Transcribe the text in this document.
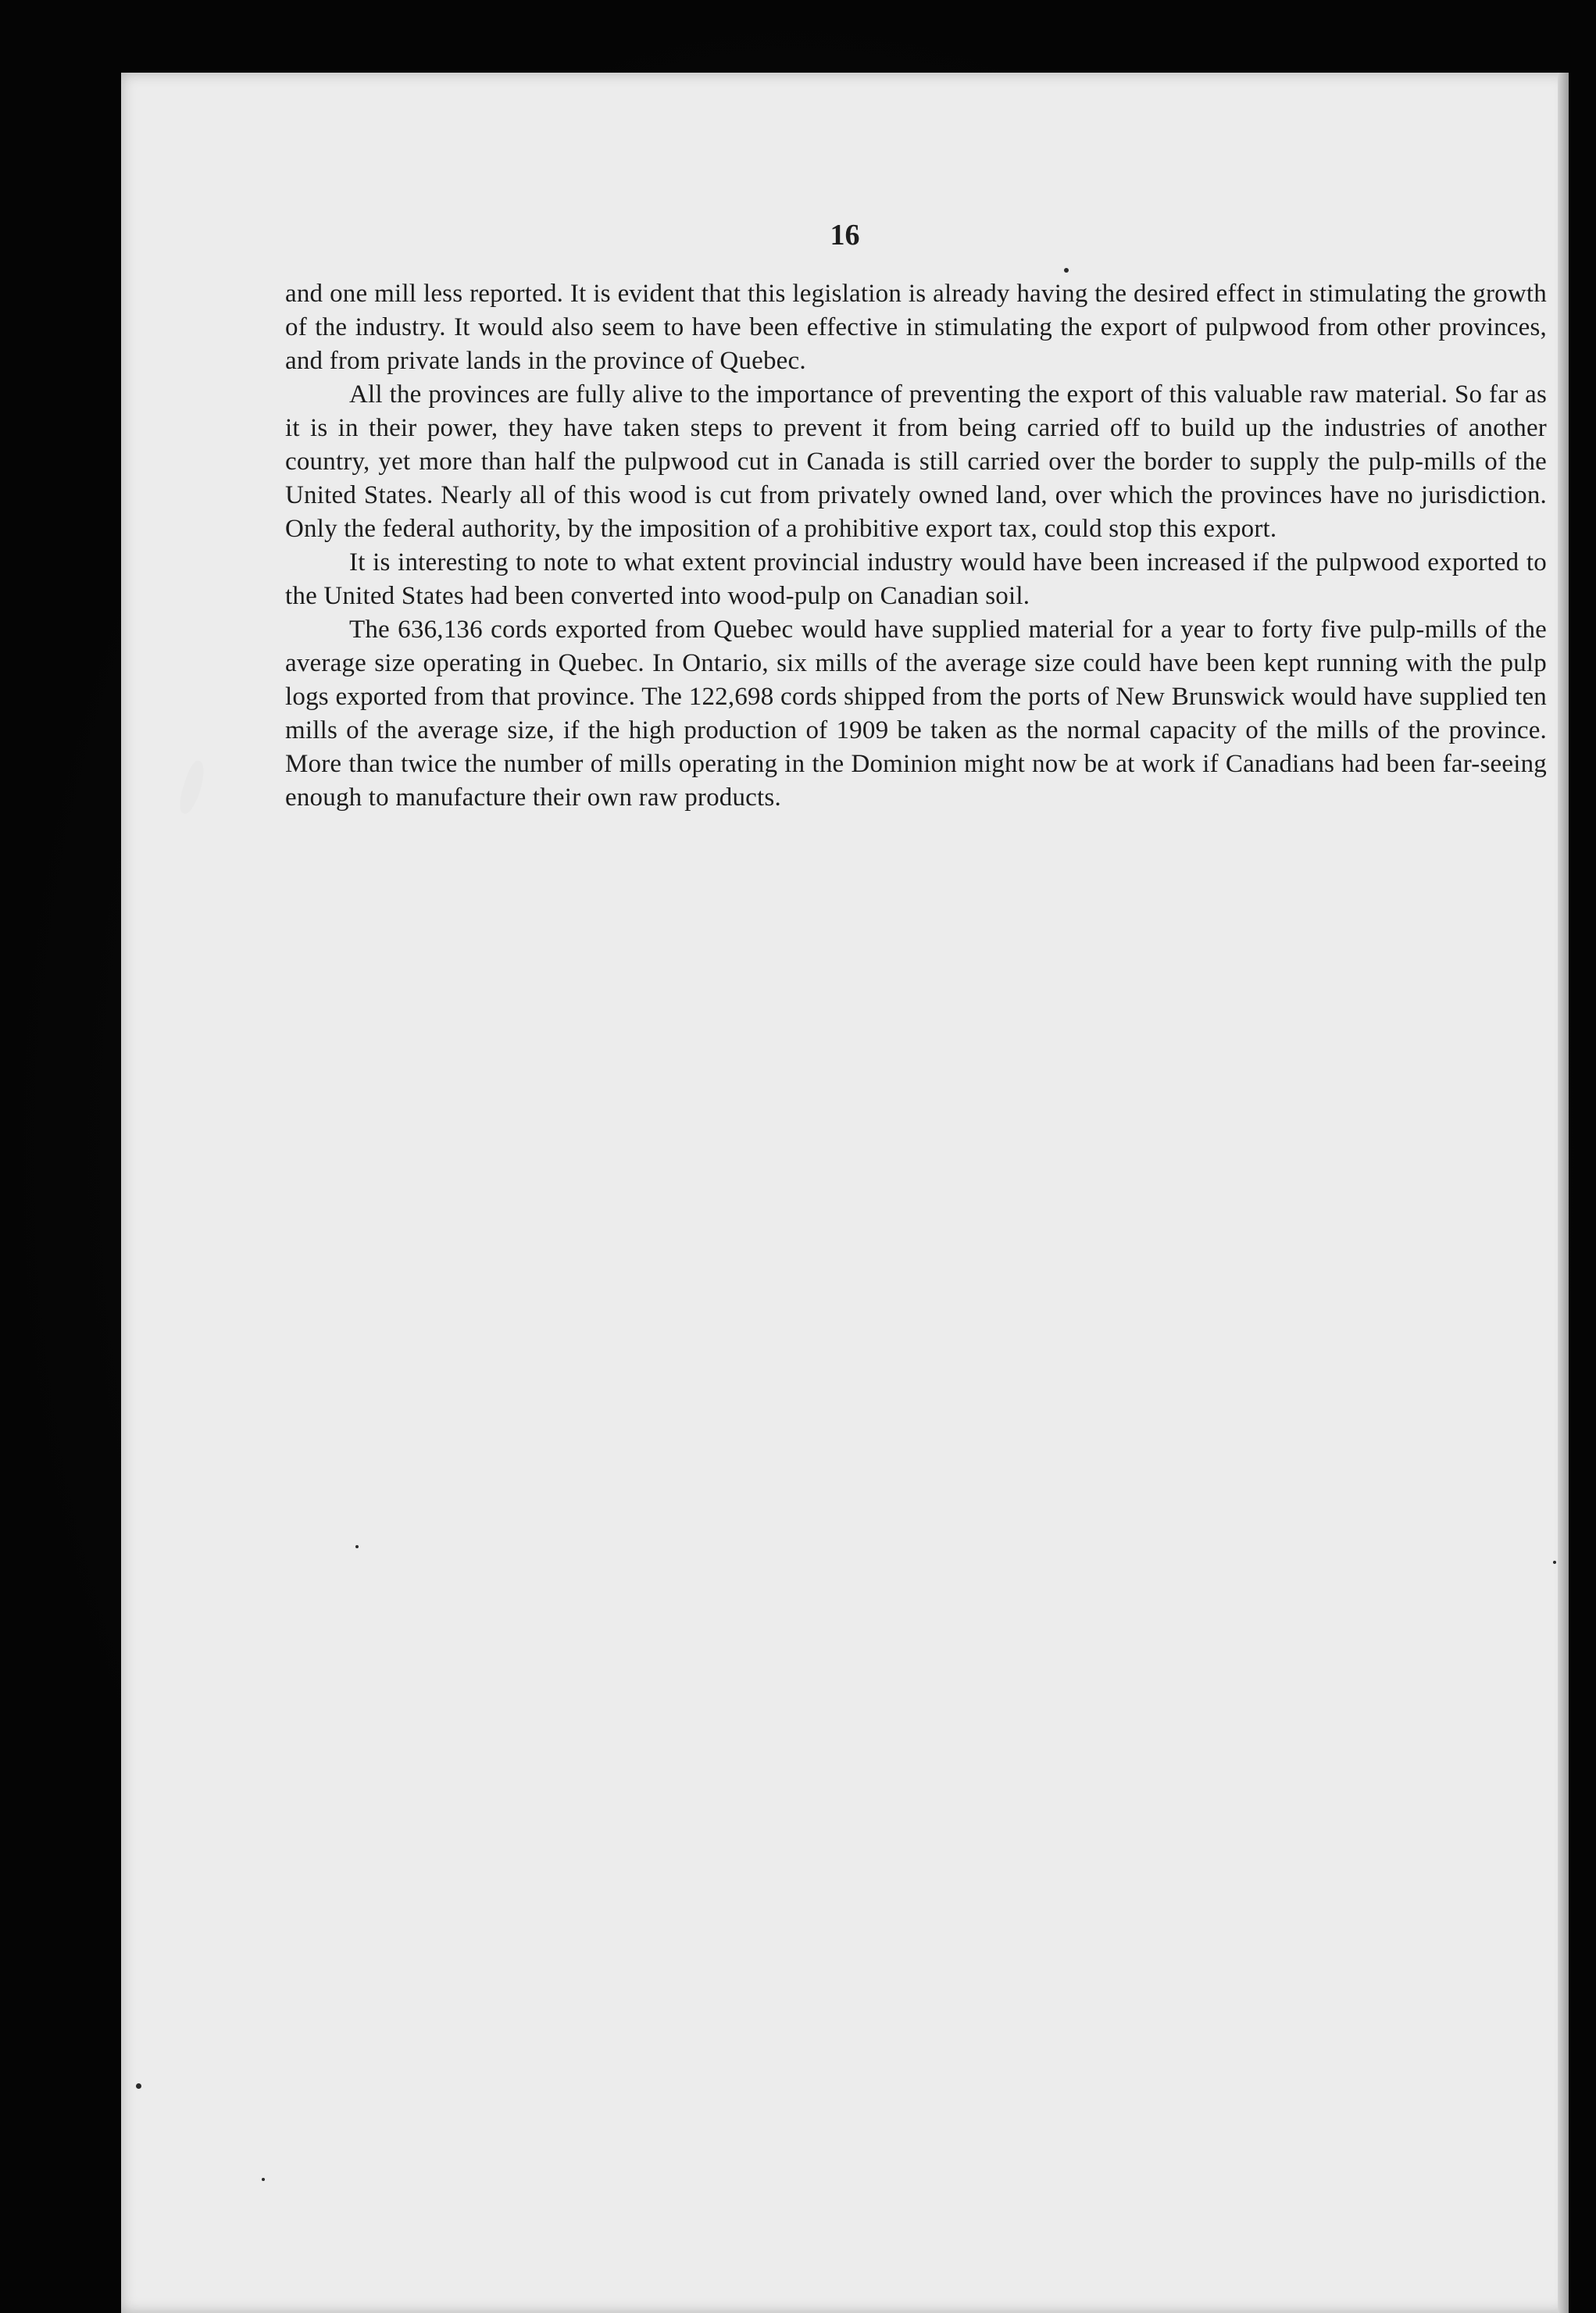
16

and one mill less reported. It is evident that this legislation is already having the desired effect in stimulating the growth of the industry. It would also seem to have been effective in stimulating the export of pulpwood from other provinces, and from private lands in the province of Quebec.

All the provinces are fully alive to the importance of preventing the export of this valuable raw material. So far as it is in their power, they have taken steps to prevent it from being carried off to build up the industries of another country, yet more than half the pulpwood cut in Canada is still carried over the border to supply the pulp-mills of the United States. Nearly all of this wood is cut from privately owned land, over which the provinces have no jurisdiction. Only the federal authority, by the imposition of a prohibitive export tax, could stop this export.

It is interesting to note to what extent provincial industry would have been increased if the pulpwood exported to the United States had been converted into wood-pulp on Canadian soil.

The 636,136 cords exported from Quebec would have supplied material for a year to forty five pulp-mills of the average size operating in Quebec. In Ontario, six mills of the average size could have been kept running with the pulp logs exported from that province. The 122,698 cords shipped from the ports of New Brunswick would have supplied ten mills of the average size, if the high production of 1909 be taken as the normal capacity of the mills of the province. More than twice the number of mills operating in the Dominion might now be at work if Canadians had been far-seeing enough to manufacture their own raw products.
